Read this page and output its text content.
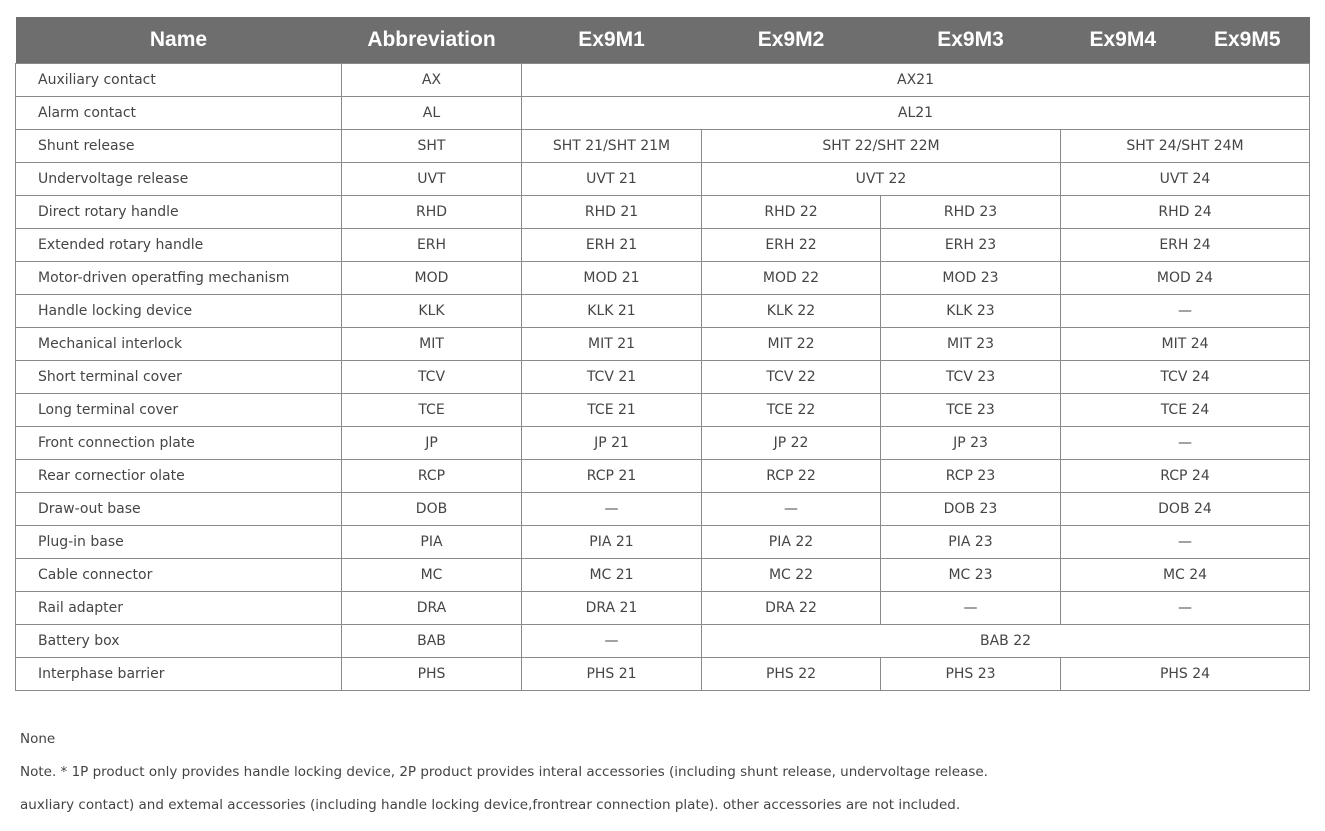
Name	Abbreviation	Ex9M1	Ex9M2	Ex9M3	Ex9M4 Ex9M5

Auxiliary contact	AX	AX21			
Alarm contact	AL	AL21			
Shunt release	SHT	SHT 21/SHT 21M	SHT 22/SHT 22M		SHT 24/SHT 24M
Undervoltage release	UVT	UVT 21	UVT 22		UVT 24
Direct rotary handle	RHD	RHD 21	RHD 22	RHD 23	RHD 24
Extended rotary handle	ERH	ERH 21	ERH 22	ERH 23	ERH 24
Motor-driven operatfing mechanism	MOD	MOD 21	MOD 22	MOD 23	MOD 24
Handle locking device	KLK	KLK 21	KLK 22	KLK 23	—
Mechanical interlock	MIT	MIT 21	MIT 22	MIT 23	MIT 24
Short terminal cover	TCV	TCV 21	TCV 22	TCV 23	TCV 24
Long terminal cover	TCE	TCE 21	TCE 22	TCE 23	TCE 24
Front connection plate	JP	JP 21	JP 22	JP 23	—
Rear cornectior olate	RCP	RCP 21	RCP 22	RCP 23	RCP 24
Draw-out base	DOB	—	—	DOB 23	DOB 24
Plug-in base	PIA	PIA 21	PIA 22	PIA 23	—
Cable connector	MC	MC 21	MC 22	MC 23	MC 24
Rail adapter	DRA	DRA 21	DRA 22	—	—
Battery box	BAB	—	BAB 22		
Interphase barrier	PHS	PHS 21	PHS 22	PHS 23	PHS 24
None
Note. * 1P product only provides handle locking device, 2P product provides interal accessories (including shunt release, undervoltage release.
auxliary contact) and extemal accessories (including handle locking device,frontrear connection plate). other accessories are not included.
